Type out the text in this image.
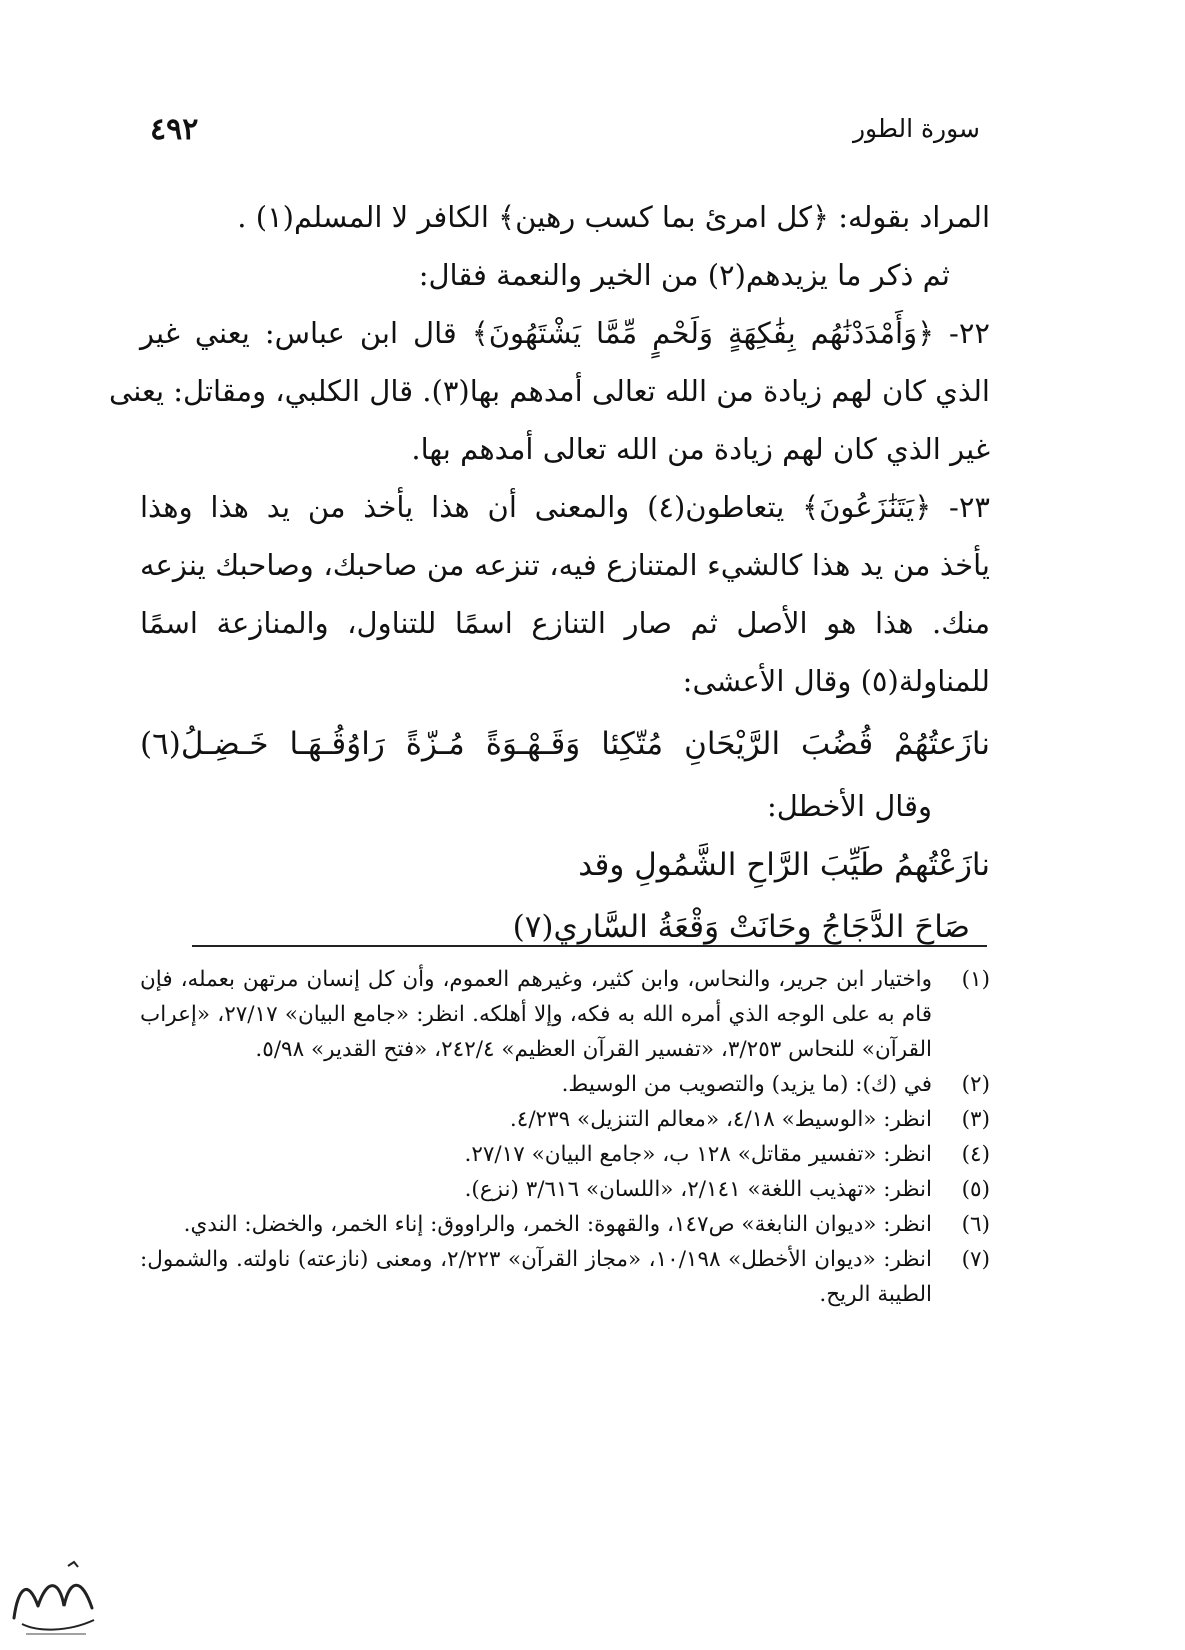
٤٩٢	سورة الطور
المراد بقوله: ﴿كل امرئ بما كسب رهين﴾ الكافر لا المسلم(١) .
ثم ذكر ما يزيدهم(٢) من الخير والنعمة فقال:
٢٢- ﴿وَأَمْدَدْنَٰهُم بِفَٰكِهَةٍ وَلَحْمٍ مِّمَّا يَشْتَهُونَ﴾ قال ابن عباس: يعني غير
الذي كان لهم زيادة من الله تعالى أمدهم بها(٣). قال الكلبي، ومقاتل: يعنى
غير الذي كان لهم زيادة من الله تعالى أمدهم بها.
٢٣- ﴿يَتَنَٰزَعُونَ﴾ يتعاطون(٤) والمعنى أن هذا يأخذ من يد هذا وهذا
يأخذ من يد هذا كالشيء المتنازع فيه، تنزعه من صاحبك، وصاحبك ينزعه
منك. هذا هو الأصل ثم صار التنازع اسمًا للتناول، والمنازعة اسمًا
للمناولة(٥) وقال الأعشى:
نازَعتُهُمْ قُضُبَ الرَّيْحَانِ مُتّكِئا وَقَـهْـوَةً مُـزّةً رَاوُقُـهَـا خَـضِـلُ(٦)
وقال الأخطل:
نازَعْتُهمُ طَيِّبَ الرَّاحِ الشَّمُولِ وقد
صَاحَ الدَّجَاجُ وحَانَتْ وَقْعَةُ السَّاري(٧)
(١)
واختيار ابن جرير، والنحاس، وابن كثير، وغيرهم العموم، وأن كل إنسان مرتهن بعمله، فإن قام به على الوجه الذي أمره الله به فكه، وإلا أهلكه. انظر: «جامع البيان» ٢٧/١٧، «إعراب القرآن» للنحاس ٣/٢٥٣، «تفسير القرآن العظيم» ٢٤٢/٤، «فتح القدير» ٥/٩٨.
(٢)
في (ك): (ما يزيد) والتصويب من الوسيط.
(٣)
انظر: «الوسيط» ٤/١٨، «معالم التنزيل» ٤/٢٣٩.
(٤)
انظر: «تفسير مقاتل» ١٢٨ ب، «جامع البيان» ٢٧/١٧.
(٥)
انظر: «تهذيب اللغة» ٢/١٤١، «اللسان» ٣/٦١٦ (نزع).
(٦)
انظر: «ديوان النابغة» ص١٤٧، والقهوة: الخمر، والراووق: إناء الخمر، والخضل: الندي.
(٧)
انظر: «ديوان الأخطل» ١٠/١٩٨، «مجاز القرآن» ٢/٢٢٣، ومعنى (نازعته) ناولته. والشمول: الطيبة الريح.
